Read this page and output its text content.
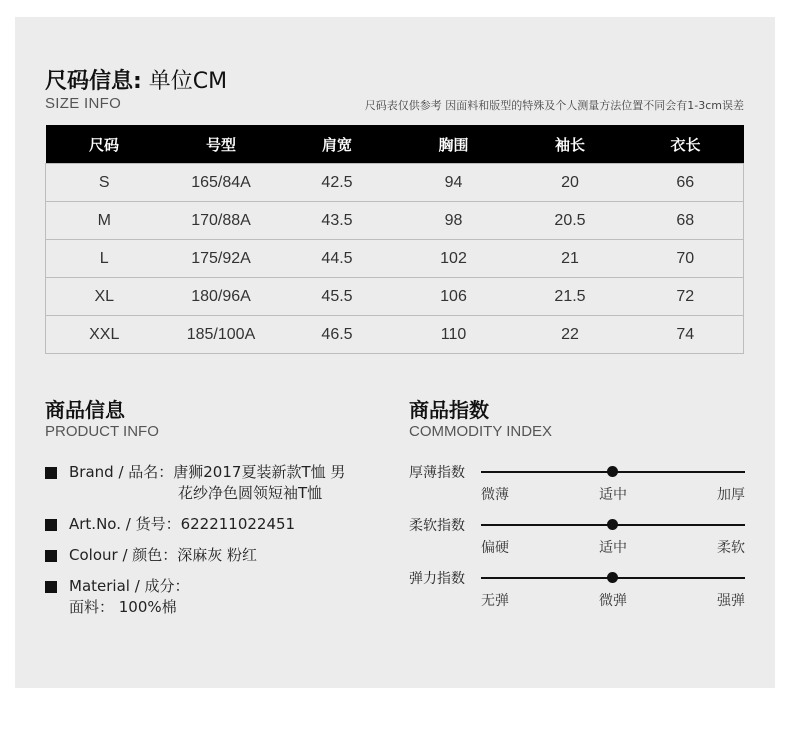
尺码信息: 单位CM
SIZE INFO	尺码表仅供参考 因面料和版型的特殊及个人测量方法位置不同会有1-3cm误差
尺码	号型	肩宽	胸围	袖长	衣长
S	165/84A	42.5	94	20	66
M	170/88A	43.5	98	20.5	68
L	175/92A	44.5	102	21	70
XL	180/96A	45.5	106	21.5	72
XXL	185/100A	46.5	110	22	74
商品信息
PRODUCT INFO
Brand / 品名：唐狮2017夏装新款T恤 男
花纱净色圆领短袖T恤
Art.No. / 货号：622211022451
Colour / 颜色：深麻灰 粉红
Material / 成分：
面料： 100%棉
商品指数
COMMODITY INDEX
厚薄指数
微薄	适中	加厚
柔软指数
偏硬	适中	柔软
弹力指数
无弹	微弹	强弹
